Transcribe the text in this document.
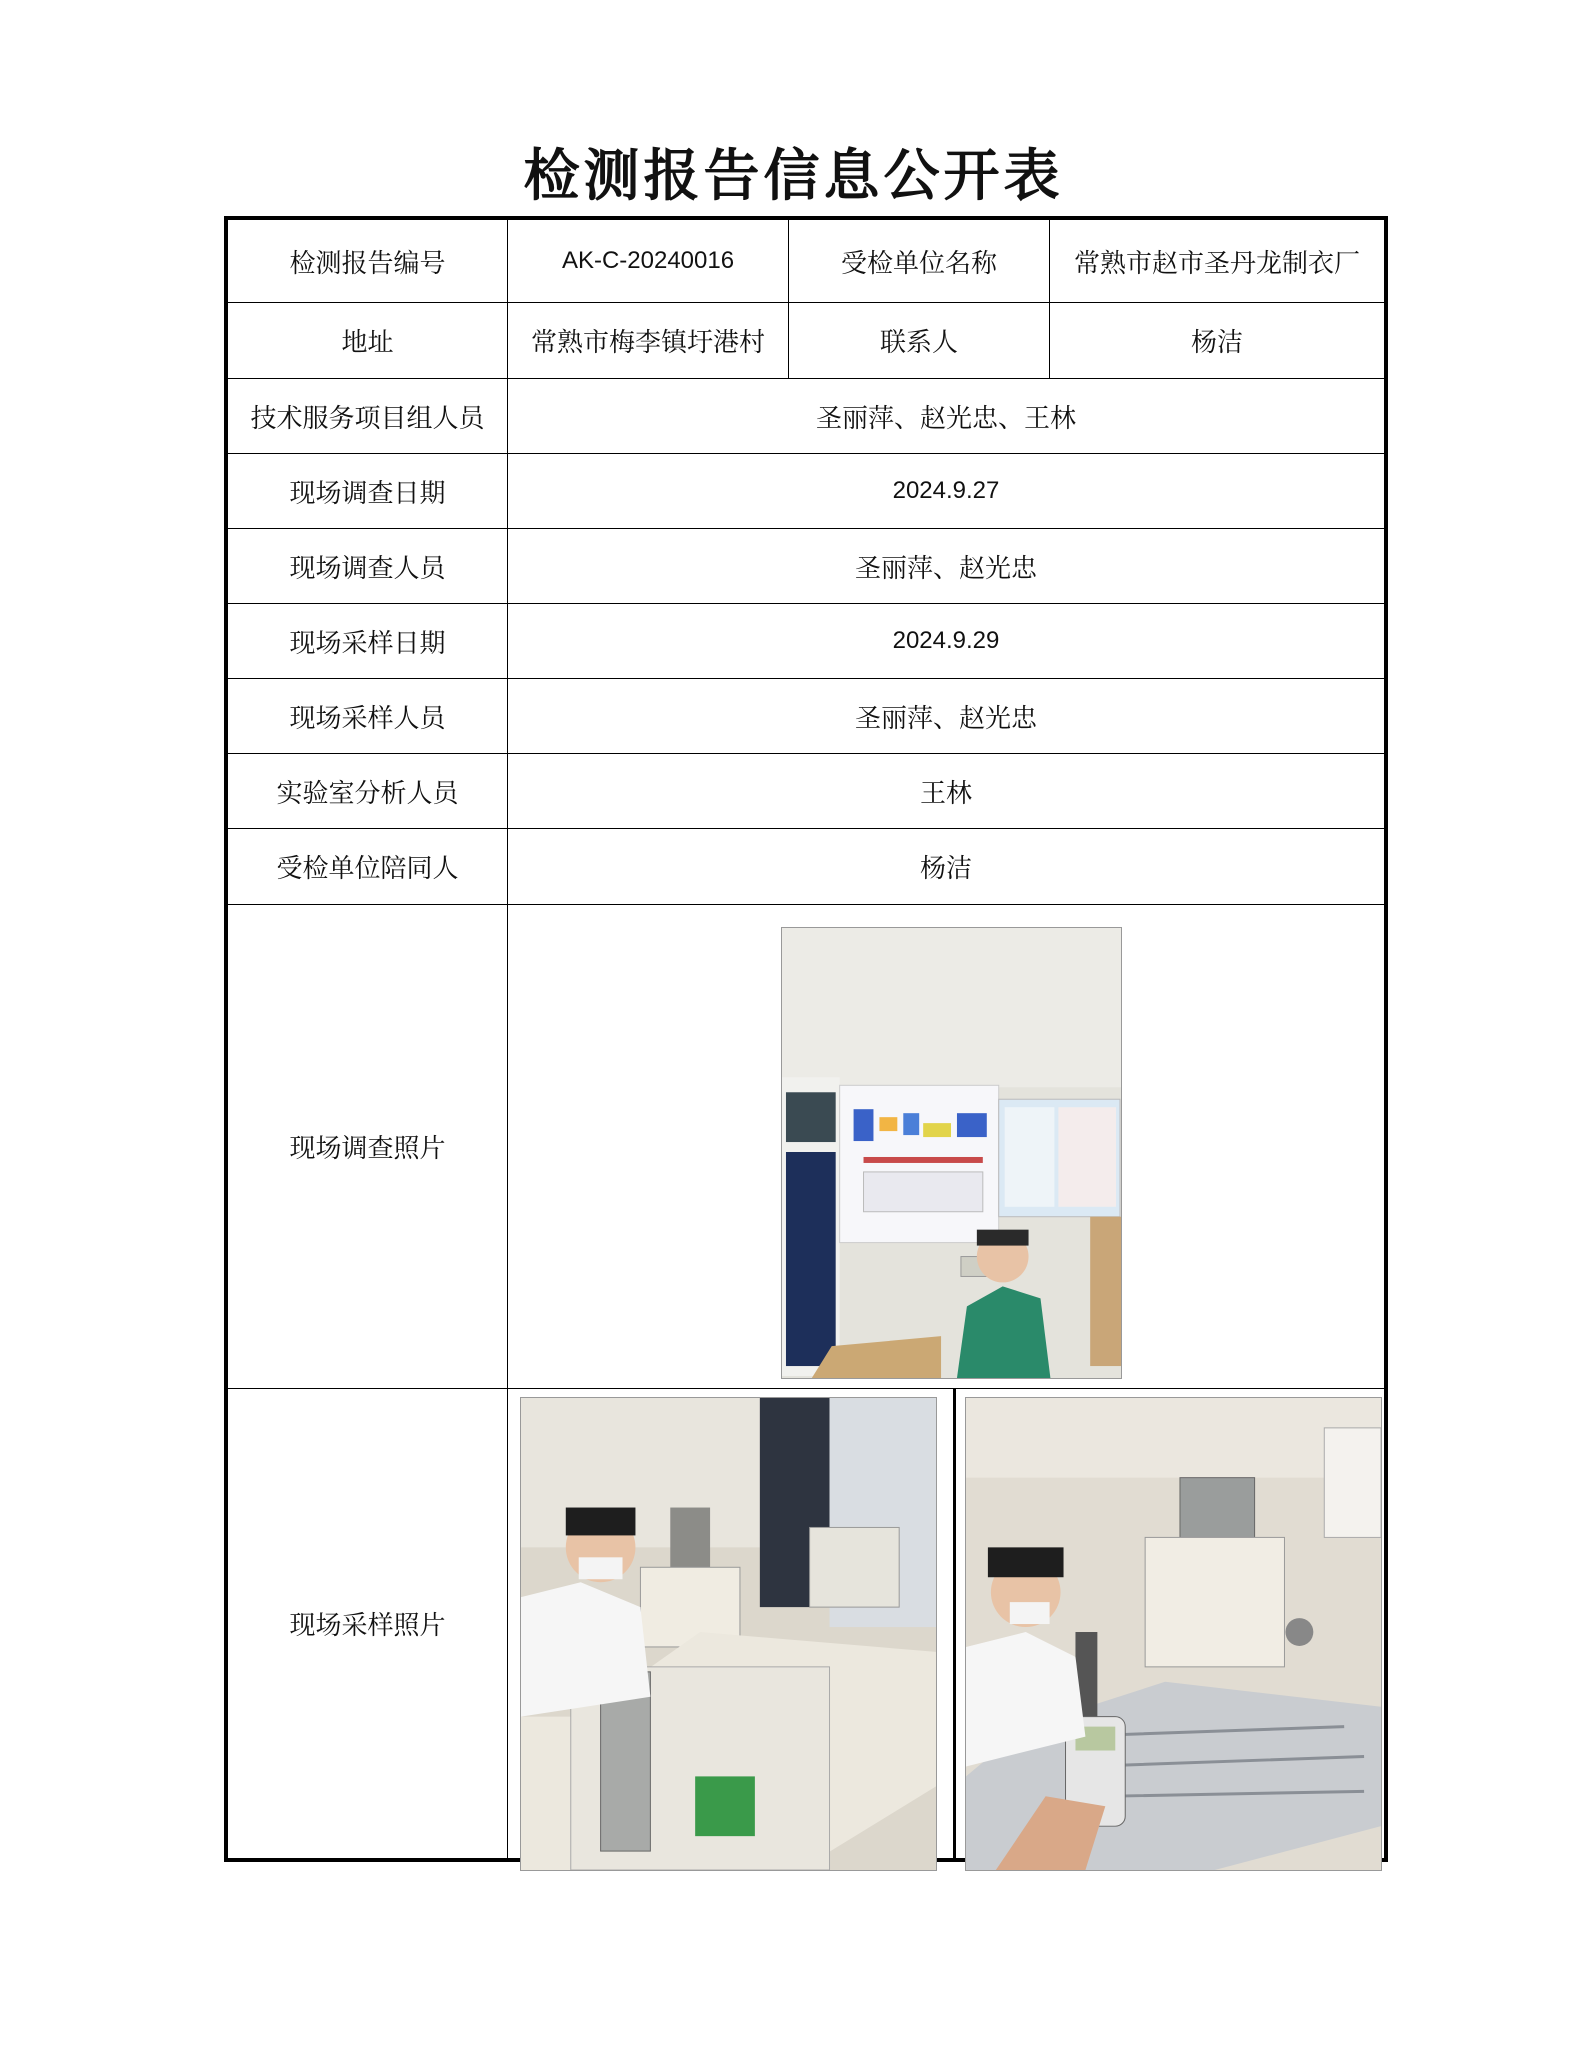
检测报告信息公开表
检测报告编号	AK-C-20240016	受检单位名称	常熟市赵市圣丹龙制衣厂
地址	常熟市梅李镇圩港村	联系人	杨洁
技术服务项目组人员	圣丽萍、赵光忠、王林
现场调查日期	2024.9.27
现场调查人员	圣丽萍、赵光忠
现场采样日期	2024.9.29
现场采样人员	圣丽萍、赵光忠
实验室分析人员	王林
受检单位陪同人	杨洁
现场调查照片
现场采样照片
